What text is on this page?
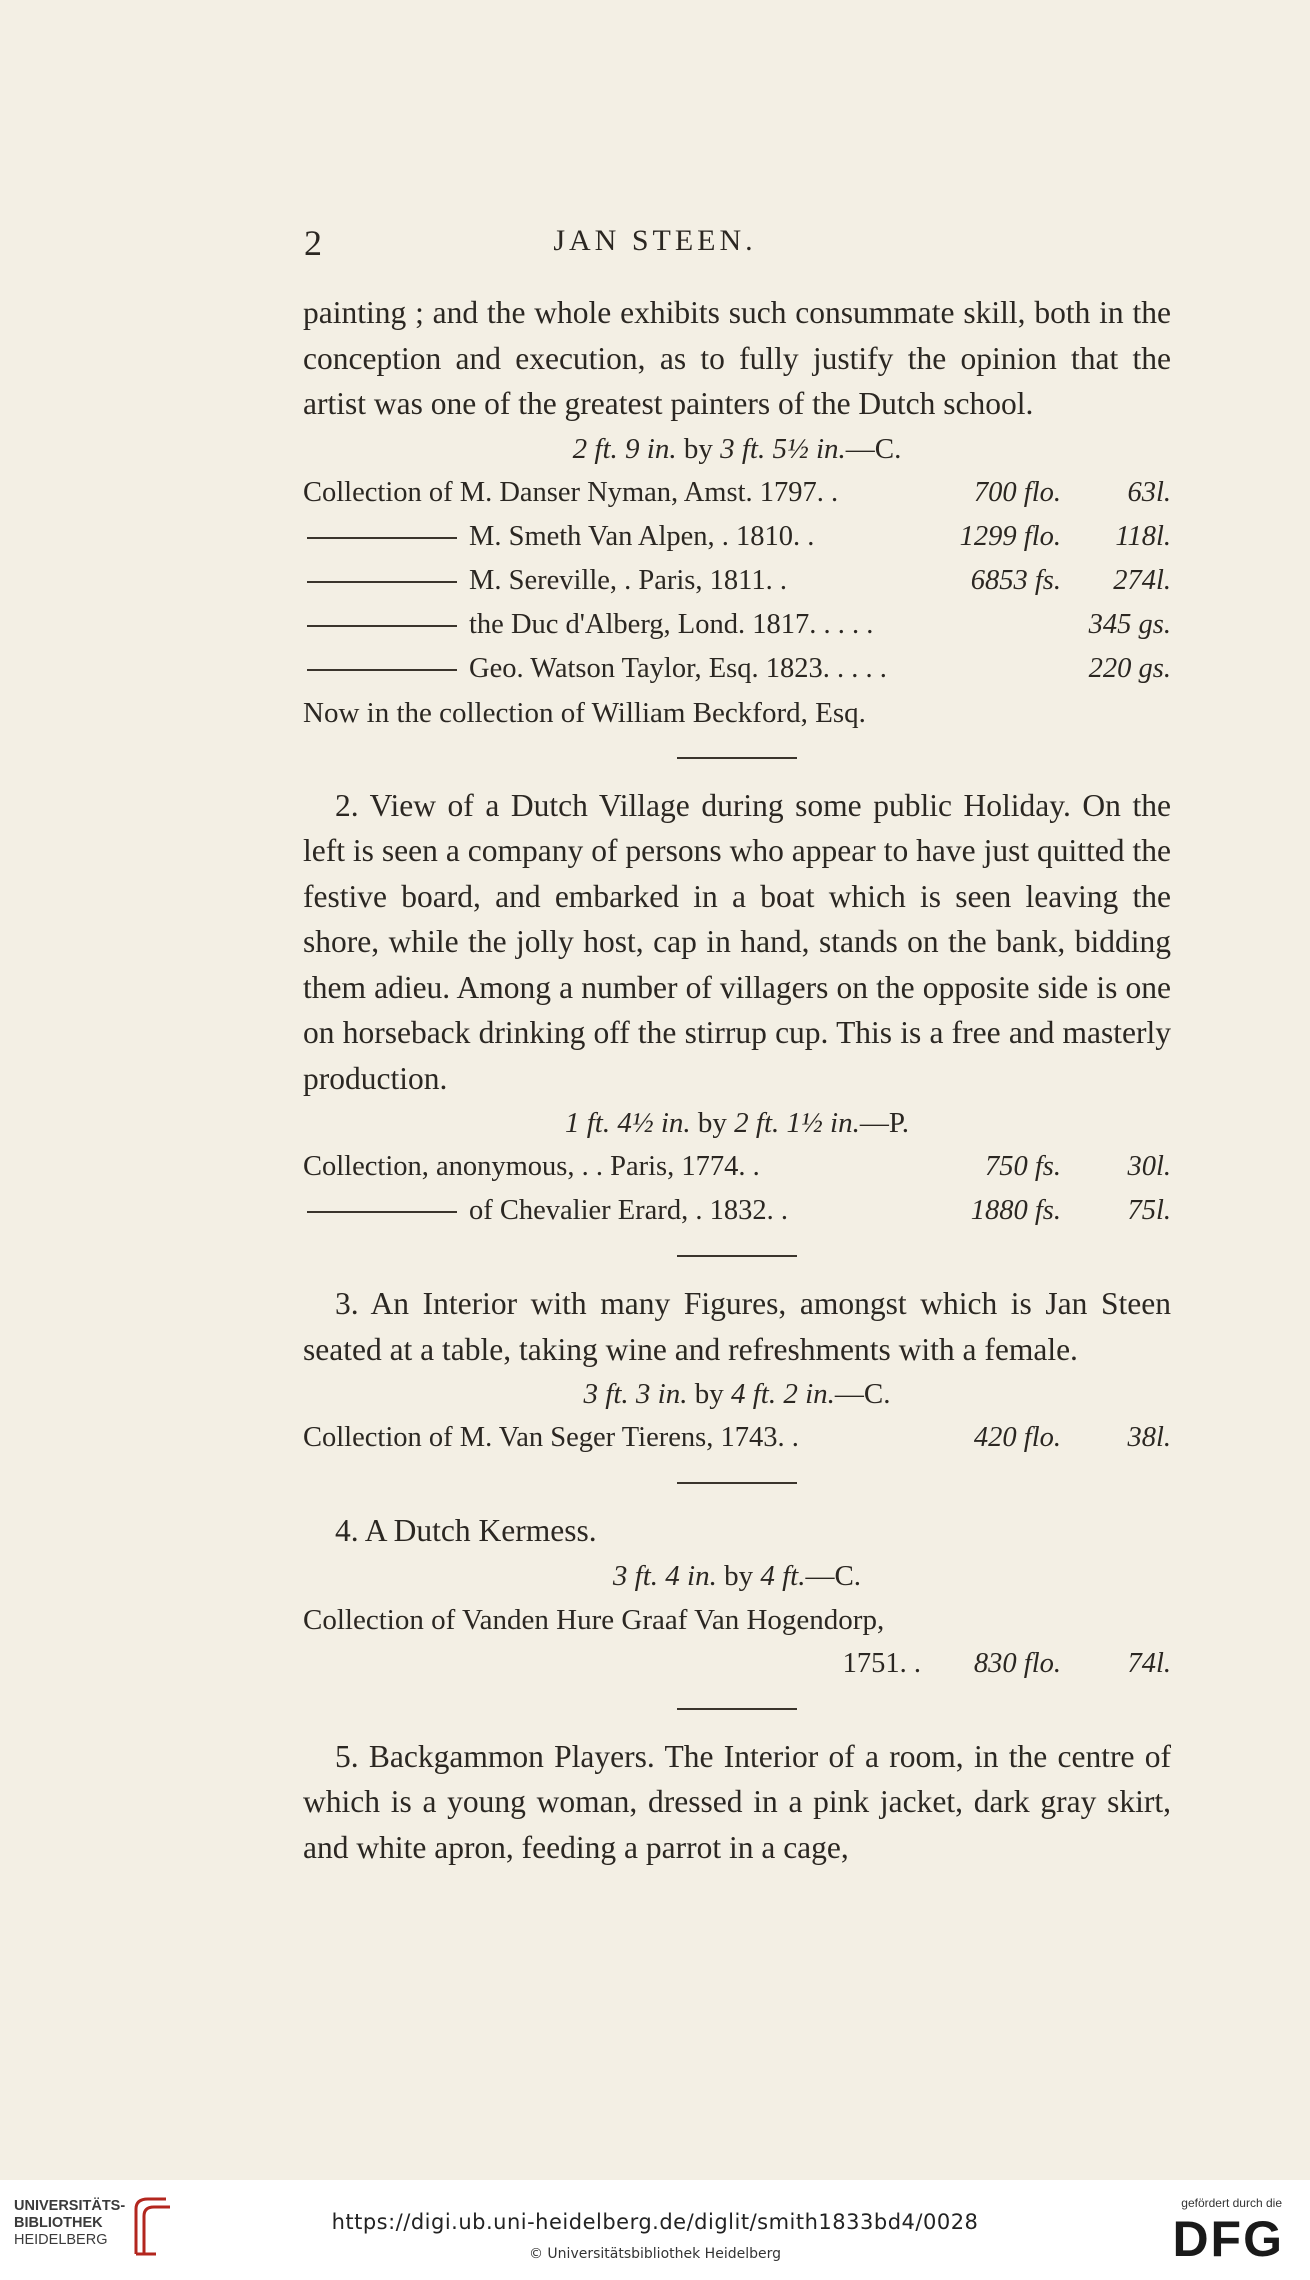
2	JAN STEEN.

painting ; and the whole exhibits such consummate skill, both in the conception and execution, as to fully justify the opinion that the artist was one of the greatest painters of the Dutch school.

2 ft. 9 in. by 3 ft. 5½ in.—C.

Collection of M. Danser Nyman, Amst. 1797. .	700 flo.	63l.
M. Smeth Van Alpen, . 1810. .	1299 flo.	118l.
M. Sereville, . Paris, 1811. .	6853 fs.	274l.
the Duc d'Alberg, Lond. 1817. . . . .	345 gs.
Geo. Watson Taylor, Esq. 1823. . . . .	220 gs.

Now in the collection of William Beckford, Esq.

2. View of a Dutch Village during some public Holiday. On the left is seen a company of persons who appear to have just quitted the festive board, and embarked in a boat which is seen leaving the shore, while the jolly host, cap in hand, stands on the bank, bidding them adieu. Among a number of villagers on the opposite side is one on horseback drinking off the stirrup cup. This is a free and masterly production.

1 ft. 4½ in. by 2 ft. 1½ in.—P.

Collection, anonymous, . . Paris, 1774. .	750 fs.	30l.
of Chevalier Erard, . 1832. .	1880 fs.	75l.

3. An Interior with many Figures, amongst which is Jan Steen seated at a table, taking wine and refreshments with a female.

3 ft. 3 in. by 4 ft. 2 in.—C.

Collection of M. Van Seger Tierens, 1743. .	420 flo.	38l.

4. A Dutch Kermess.

3 ft. 4 in. by 4 ft.—C.

Collection of Vanden Hure Graaf Van Hogendorp,

1751. .	830 flo.	74l.

5. Backgammon Players. The Interior of a room, in the centre of which is a young woman, dressed in a pink jacket, dark gray skirt, and white apron, feeding a parrot in a cage,

UNIVERSITÄTS-
BIBLIOTHEK
HEIDELBERG
https://digi.ub.uni-heidelberg.de/diglit/smith1833bd4/0028
© Universitätsbibliothek Heidelberg
gefördert durch die
DFG
